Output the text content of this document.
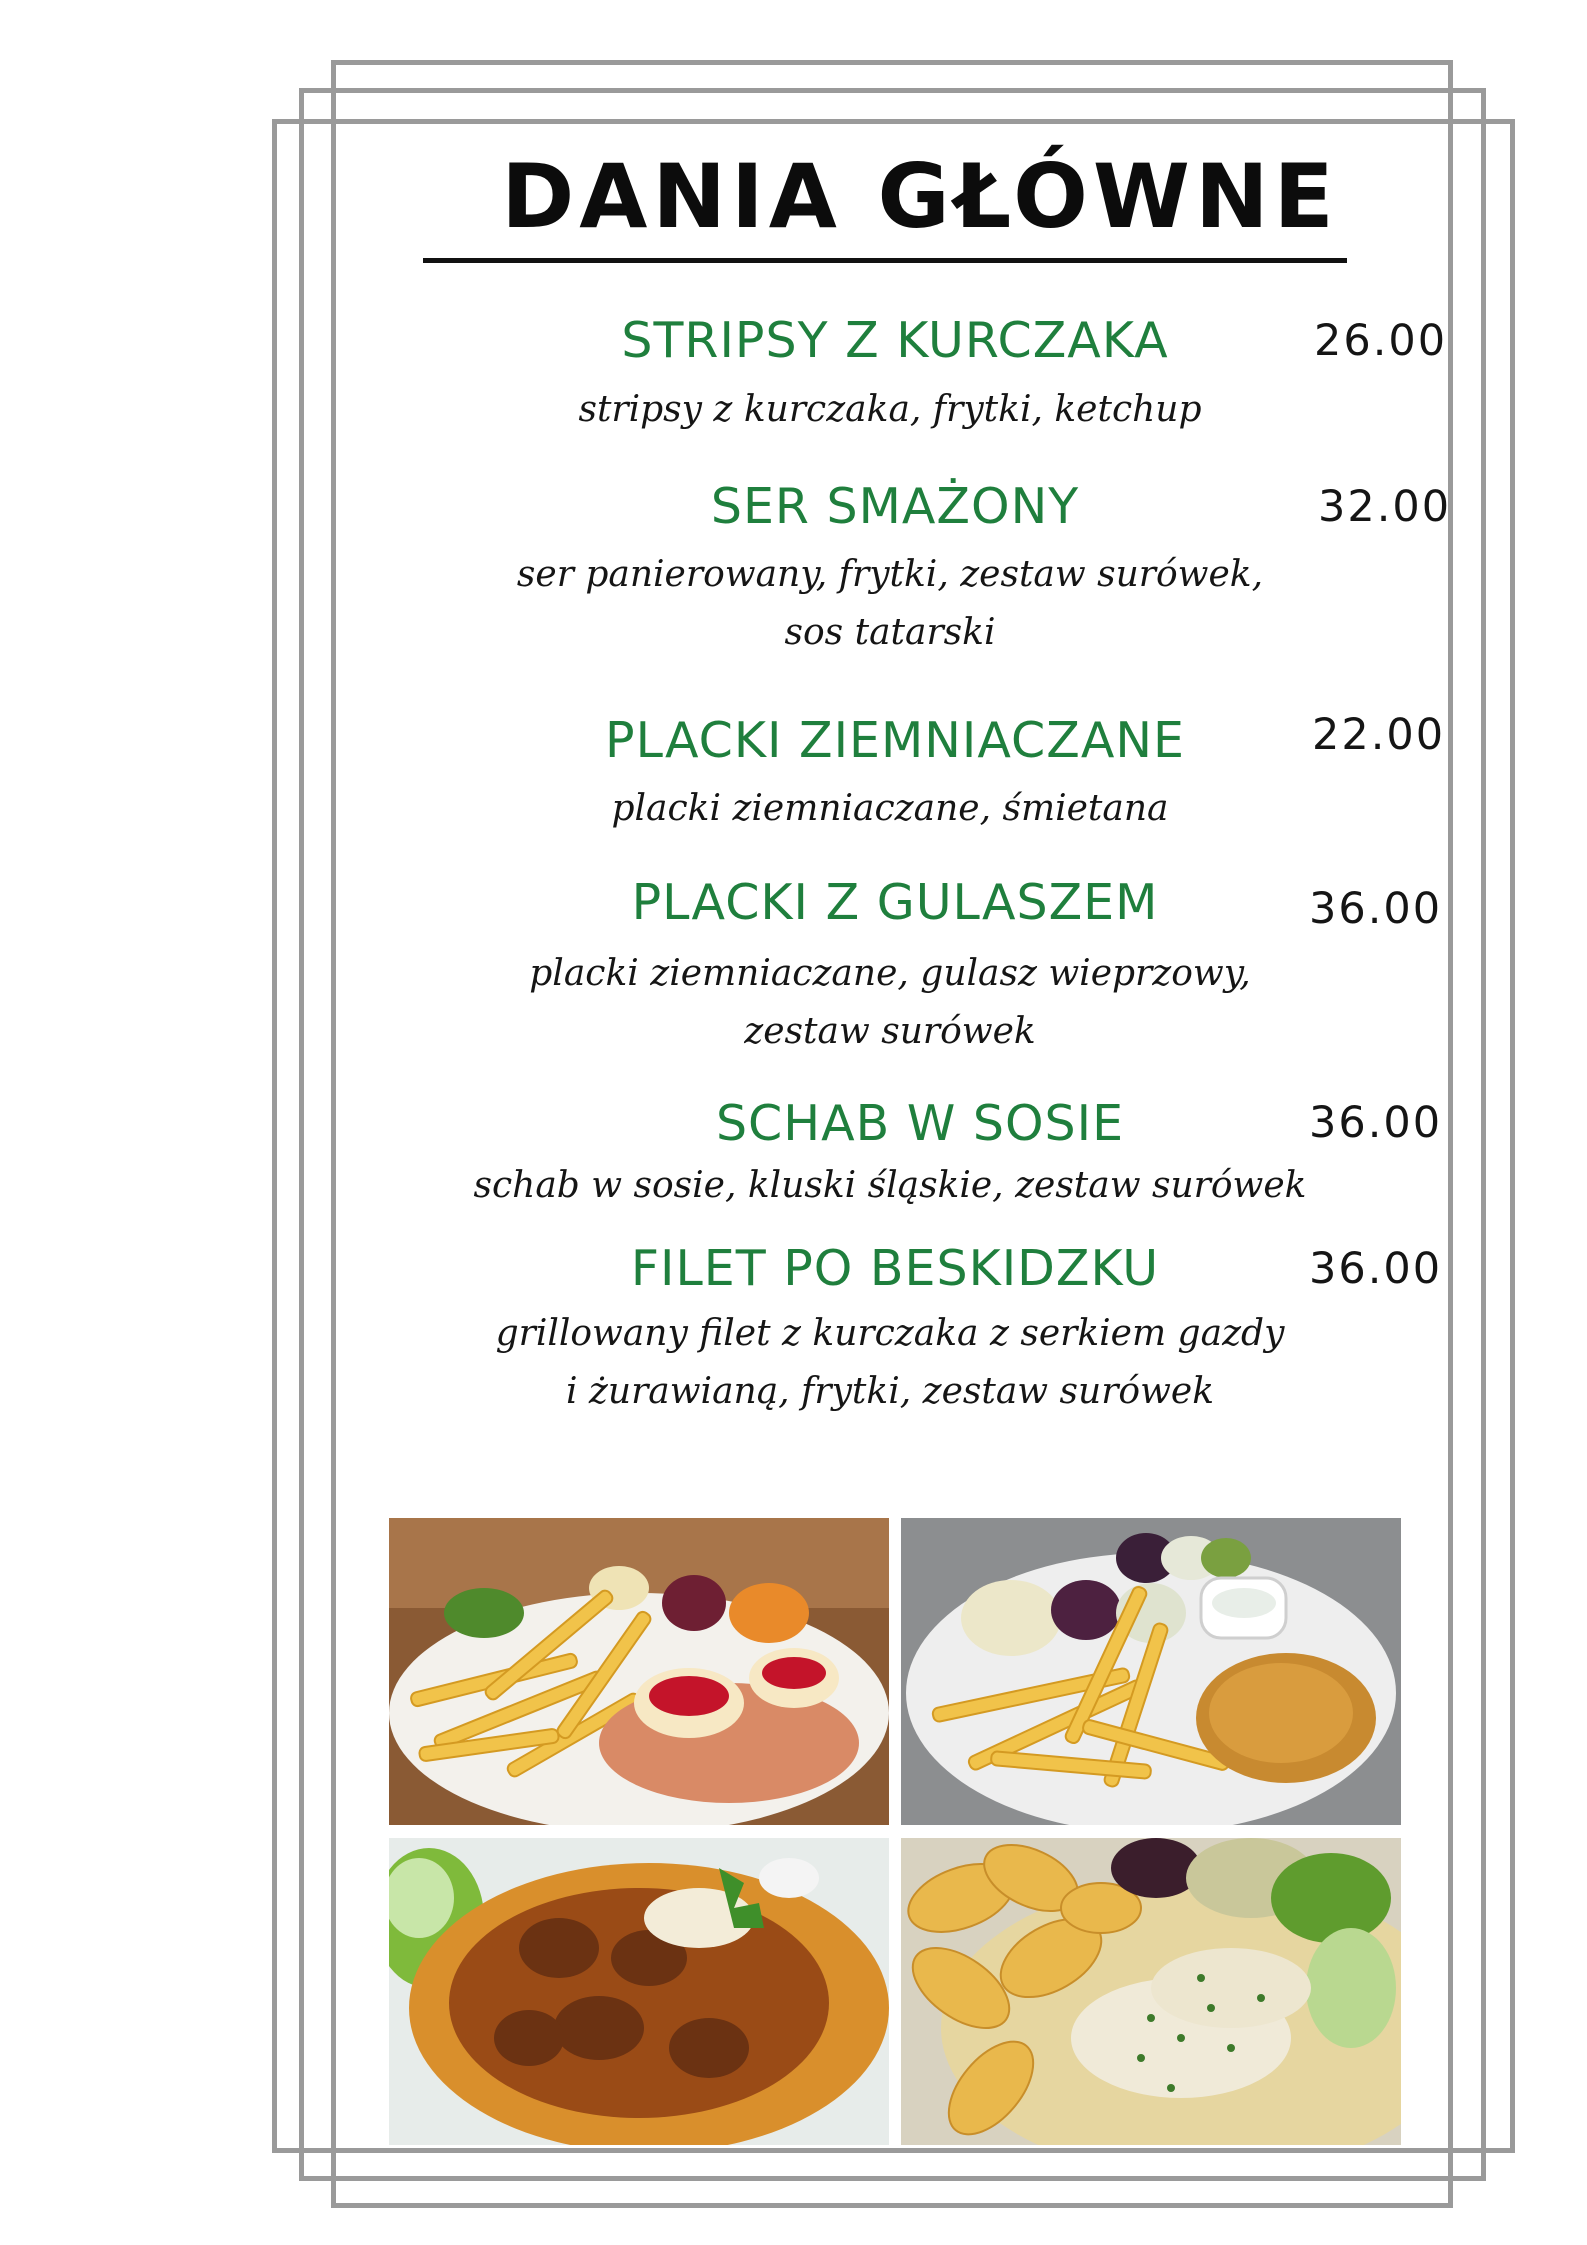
DANIA GŁÓWNE
STRIPSY Z KURCZAKA	26.00
stripsy z kurczaka, frytki, ketchup
SER SMAŻONY	32.00
ser panierowany, frytki, zestaw surówek,
sos tatarski
PLACKI ZIEMNIACZANE	22.00
placki ziemniaczane, śmietana
PLACKI Z GULASZEM	36.00
placki ziemniaczane, gulasz wieprzowy,
zestaw surówek
SCHAB W SOSIE	36.00
schab w sosie, kluski śląskie, zestaw surówek
FILET PO BESKIDZKU	36.00
grillowany filet z kurczaka z serkiem gazdy
i żurawianą, frytki, zestaw surówek
